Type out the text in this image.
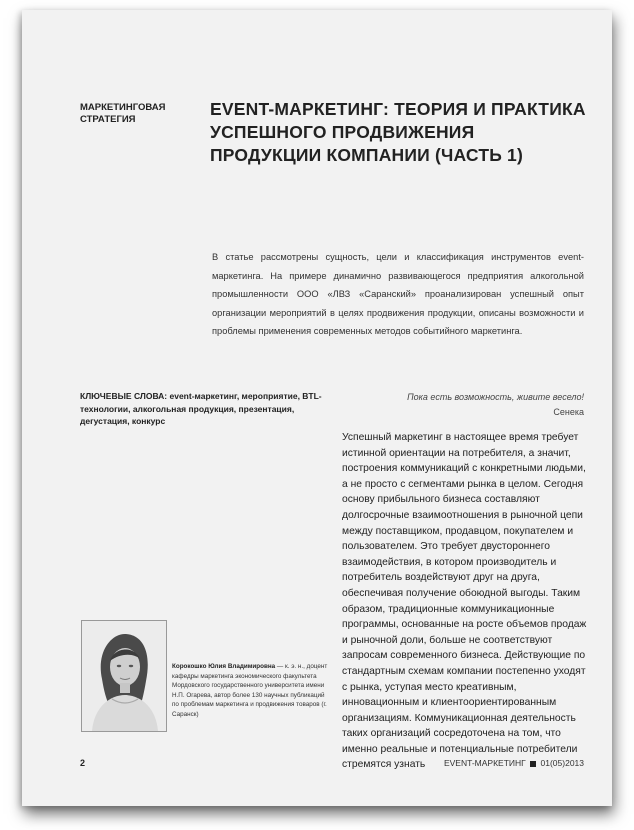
МАРКЕТИНГОВАЯ СТРАТЕГИЯ
EVENT-МАРКЕТИНГ: ТЕОРИЯ И ПРАКТИКА УСПЕШНОГО ПРОДВИЖЕНИЯ ПРОДУКЦИИ КОМПАНИИ (ЧАСТЬ 1)

В статье рассмотрены сущность, цели и классификация инструментов event-маркетинга. На примере динамично развивающегося предприятия алкогольной промышленности ООО «ЛВЗ «Саранский» проанализирован успешный опыт организации мероприятий в целях продвижения продукции, описаны возможности и проблемы применения современных методов событийного маркетинга.

КЛЮЧЕВЫЕ СЛОВА: event-маркетинг, мероприятие, BTL-технологии, алкогольная продукция, презентация, дегустация, конкурс
Пока есть возможность, живите весело!
Сенека

Успешный маркетинг в настоящее время требует истинной ориентации на потребителя, а значит, построения коммуникаций с конкретными людьми, а не просто с сегментами рынка в целом. Сегодня основу прибыльного бизнеса составляют долгосрочные взаимоотношения в рыночной цепи между поставщиком, продавцом, покупателем и пользователем. Это требует двустороннего взаимодействия, в котором производитель и потребитель воздействуют друг на друга, обеспечивая получение обоюдной выгоды. Таким образом, традиционные коммуникационные программы, основанные на росте объемов продаж и рыночной доли, больше не соответствуют запросам современного бизнеса. Действующие по стандартным схемам компании постепенно уходят с рынка, уступая место креативным, инновационным и клиентоориентированным организациям. Коммуникационная деятельность таких организаций сосредоточена на том, что именно реальные и потенциальные потребители стремятся узнать

Корокошко Юлия Владимировна — к. э. н., доцент кафедры маркетинга экономического факультета Мордовского государственного университета имени Н.П. Огарева, автор более 130 научных публикаций по проблемам маркетинга и продвижения товаров (г. Саранск)
2	EVENT-МАРКЕТИНГ 01(05)2013
